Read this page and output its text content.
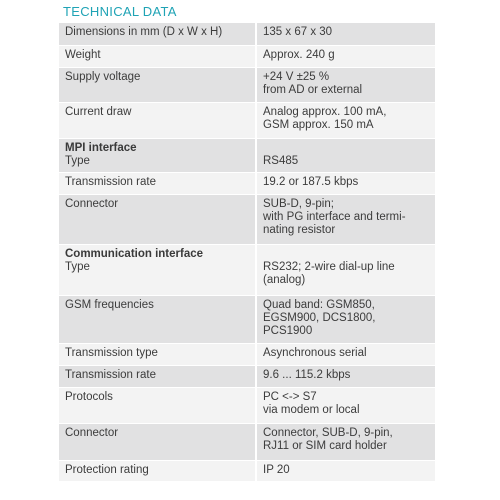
TECHNICAL DATA
Dimensions in mm (D x W x H)	135 x 67 x 30

Weight	Approx. 240 g

Supply voltage	+24 V ±25 %
from AD or external

Current draw	Analog approx. 100 mA,
GSM approx. 150 mA

MPI interface
Type	RS485

Transmission rate	19.2 or 187.5 kbps

Connector	SUB-D, 9-pin;
with PG interface and termi-
nating resistor

Communication interface
Type	RS232; 2-wire dial-up line
(analog)

GSM frequencies	Quad band: GSM850,
EGSM900, DCS1800,
PCS1900

Transmission type	Asynchronous serial

Transmission rate	9.6 ... 115.2 kbps

Protocols	PC <-> S7
via modem or local

Connector	Connector, SUB-D, 9-pin,
RJ11 or SIM card holder

Protection rating	IP 20
